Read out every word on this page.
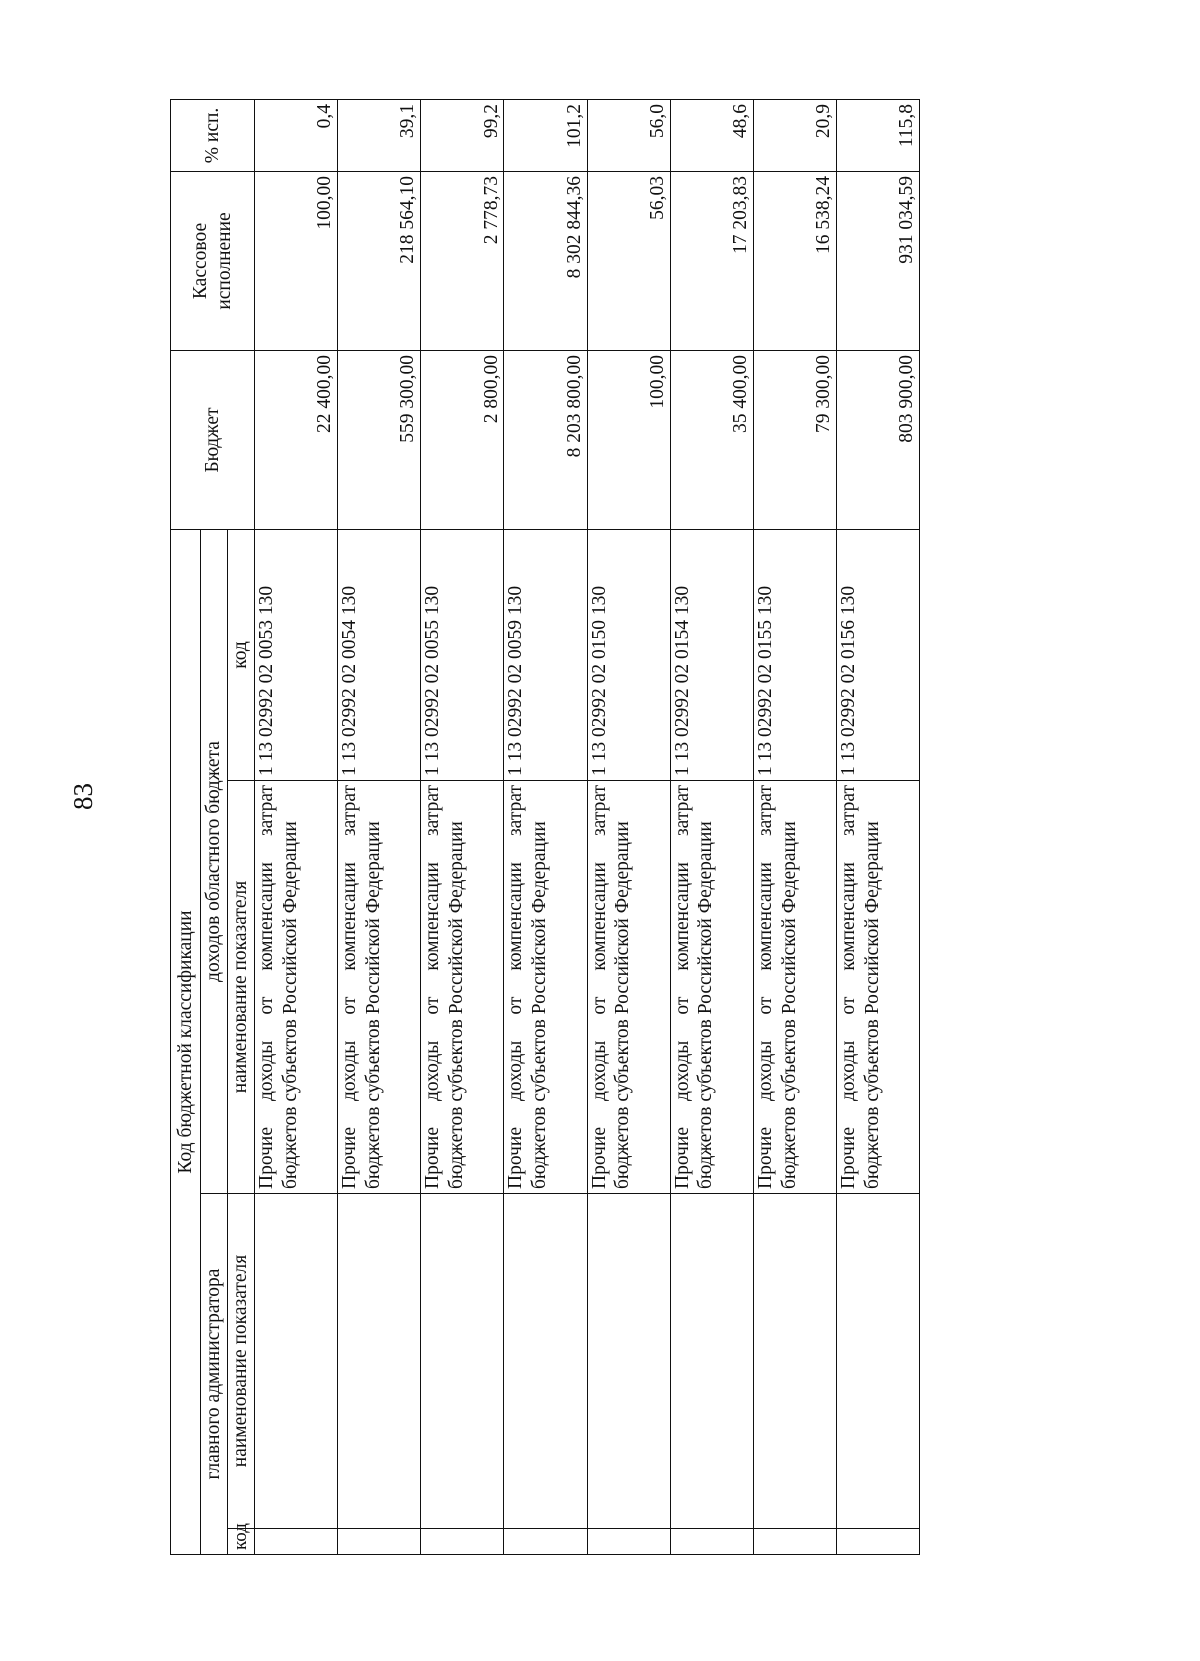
83
Код бюджетной классификации				Бюджет	Кассовое исполнение	% исп.
главного администратора		доходов областного бюджета				
код	наименование показателя	наименование показателя	код			
		Прочие доходы от компенсации затрат бюджетов субъектов Российской Федерации	1 13 02992 02 0053 130	22 400,00	100,00	0,4
		Прочие доходы от компенсации затрат бюджетов субъектов Российской Федерации	1 13 02992 02 0054 130	559 300,00	218 564,10	39,1
		Прочие доходы от компенсации затрат бюджетов субъектов Российской Федерации	1 13 02992 02 0055 130	2 800,00	2 778,73	99,2
		Прочие доходы от компенсации затрат бюджетов субъектов Российской Федерации	1 13 02992 02 0059 130	8 203 800,00	8 302 844,36	101,2
		Прочие доходы от компенсации затрат бюджетов субъектов Российской Федерации	1 13 02992 02 0150 130	100,00	56,03	56,0
		Прочие доходы от компенсации затрат бюджетов субъектов Российской Федерации	1 13 02992 02 0154 130	35 400,00	17 203,83	48,6
		Прочие доходы от компенсации затрат бюджетов субъектов Российской Федерации	1 13 02992 02 0155 130	79 300,00	16 538,24	20,9
		Прочие доходы от компенсации затрат бюджетов субъектов Российской Федерации	1 13 02992 02 0156 130	803 900,00	931 034,59	115,8
